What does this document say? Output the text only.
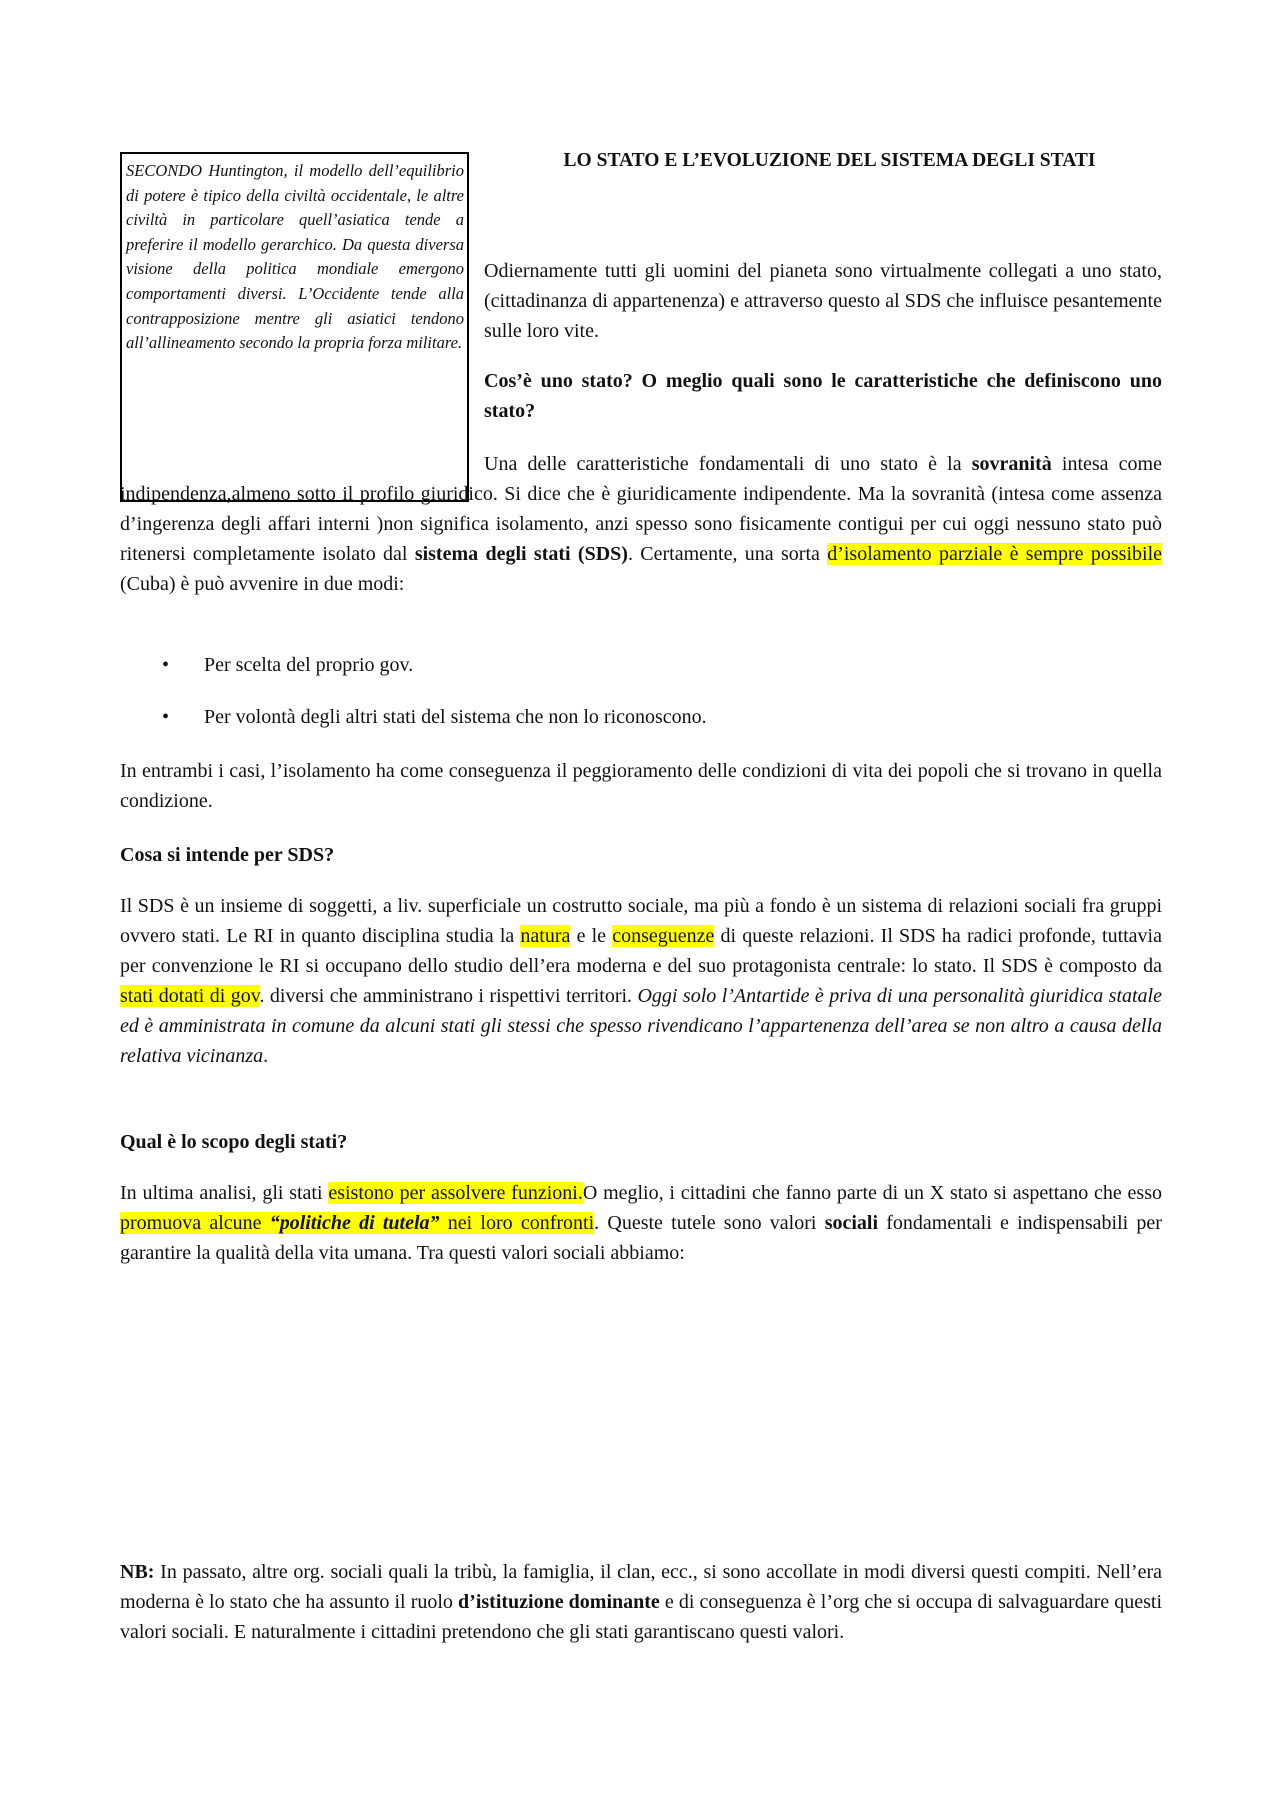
SECONDO Huntington, il modello dell’equilibrio di potere è tipico della civiltà occidentale, le altre civiltà in particolare quell’asiatica tende a preferire il modello gerarchico. Da questa diversa visione della politica mondiale emergono comportamenti diversi. L’Occidente tende alla contrapposizione mentre gli asiatici tendono all’allineamento secondo la propria forza militare.
LO STATO E L’EVOLUZIONE DEL SISTEMA DEGLI STATI

Odiernamente tutti gli uomini del pianeta sono virtualmente collegati a uno stato, (cittadinanza di appartenenza) e attraverso questo al SDS che influisce pesantemente sulle loro vite.

Cos’è uno stato? O meglio quali sono le caratteristiche che definiscono uno stato?

Una delle caratteristiche fondamentali di uno stato è la sovranità intesa come indipendenza,almeno sotto il profilo giuridico. Si dice che è giuridicamente indipendente. Ma la sovranità (intesa come assenza d’ingerenza degli affari interni )non significa isolamento, anzi spesso sono fisicamente contigui per cui oggi nessuno stato può ritenersi completamente isolato dal sistema degli stati (SDS). Certamente, una sorta d’isolamento parziale è sempre possibile (Cuba) è può avvenire in due modi:

• Per scelta del proprio gov.
• Per volontà degli altri stati del sistema che non lo riconoscono.

In entrambi i casi, l’isolamento ha come conseguenza il peggioramento delle condizioni di vita dei popoli che si trovano in quella condizione.

Cosa si intende per SDS?

Il SDS è un insieme di soggetti, a liv. superficiale un costrutto sociale, ma più a fondo è un sistema di relazioni sociali fra gruppi ovvero stati. Le RI in quanto disciplina studia la natura e le conseguenze di queste relazioni. Il SDS ha radici profonde, tuttavia per convenzione le RI si occupano dello studio dell’era moderna e del suo protagonista centrale: lo stato. Il SDS è composto da stati dotati di gov. diversi che amministrano i rispettivi territori. Oggi solo l’Antartide è priva di una personalità giuridica statale ed è amministrata in comune da alcuni stati gli stessi che spesso rivendicano l’appartenenza dell’area se non altro a causa della relativa vicinanza.

Qual è lo scopo degli stati?

In ultima analisi, gli stati esistono per assolvere funzioni.O meglio, i cittadini che fanno parte di un X stato si aspettano che esso promuova alcune “politiche di tutela” nei loro confronti. Queste tutele sono valori sociali fondamentali e indispensabili per garantire la qualità della vita umana. Tra questi valori sociali abbiamo:

NB: In passato, altre org. sociali quali la tribù, la famiglia, il clan, ecc., si sono accollate in modi diversi questi compiti. Nell’era moderna è lo stato che ha assunto il ruolo d’istituzione dominante e di conseguenza è l’org che si occupa di salvaguardare questi valori sociali. E naturalmente i cittadini pretendono che gli stati garantiscano questi valori.
